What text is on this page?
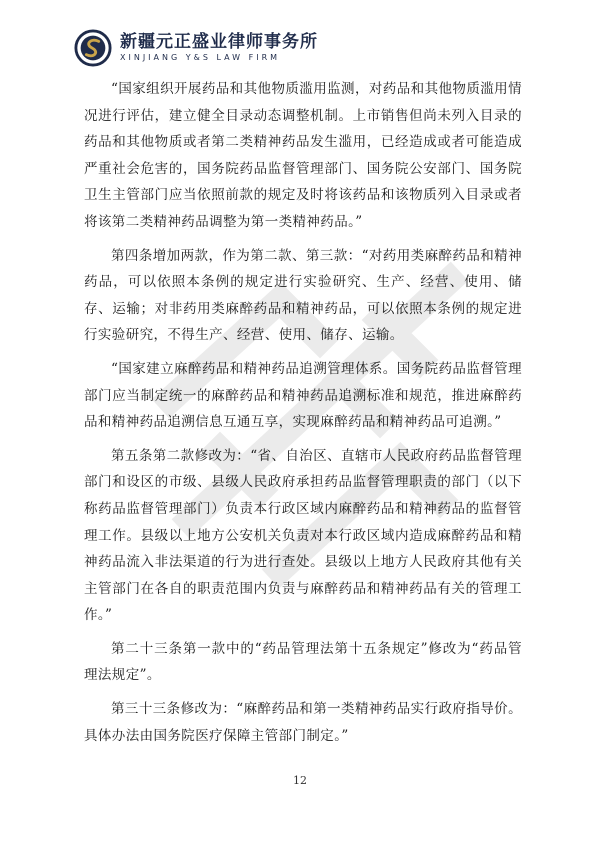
新疆元正盛业律师事务所
XINJIANG Y&S LAW FIRM

“国家组织开展药品和其他物质滥用监测，对药品和其他物质滥用情况进行评估，建立健全目录动态调整机制。上市销售但尚未列入目录的药品和其他物质或者第二类精神药品发生滥用，已经造成或者可能造成严重社会危害的，国务院药品监督管理部门、国务院公安部门、国务院卫生主管部门应当依照前款的规定及时将该药品和该物质列入目录或者将该第二类精神药品调整为第一类精神药品。”

第四条增加两款，作为第二款、第三款：“对药用类麻醉药品和精神药品，可以依照本条例的规定进行实验研究、生产、经营、使用、储存、运输；对非药用类麻醉药品和精神药品，可以依照本条例的规定进行实验研究，不得生产、经营、使用、储存、运输。

“国家建立麻醉药品和精神药品追溯管理体系。国务院药品监督管理部门应当制定统一的麻醉药品和精神药品追溯标准和规范，推进麻醉药品和精神药品追溯信息互通互享，实现麻醉药品和精神药品可追溯。”

第五条第二款修改为：“省、自治区、直辖市人民政府药品监督管理部门和设区的市级、县级人民政府承担药品监督管理职责的部门（以下称药品监督管理部门）负责本行政区域内麻醉药品和精神药品的监督管理工作。县级以上地方公安机关负责对本行政区域内造成麻醉药品和精神药品流入非法渠道的行为进行查处。县级以上地方人民政府其他有关主管部门在各自的职责范围内负责与麻醉药品和精神药品有关的管理工作。”

第二十三条第一款中的“药品管理法第十五条规定”修改为“药品管理法规定”。

第三十三条修改为：“麻醉药品和第一类精神药品实行政府指导价。具体办法由国务院医疗保障主管部门制定。”

12
